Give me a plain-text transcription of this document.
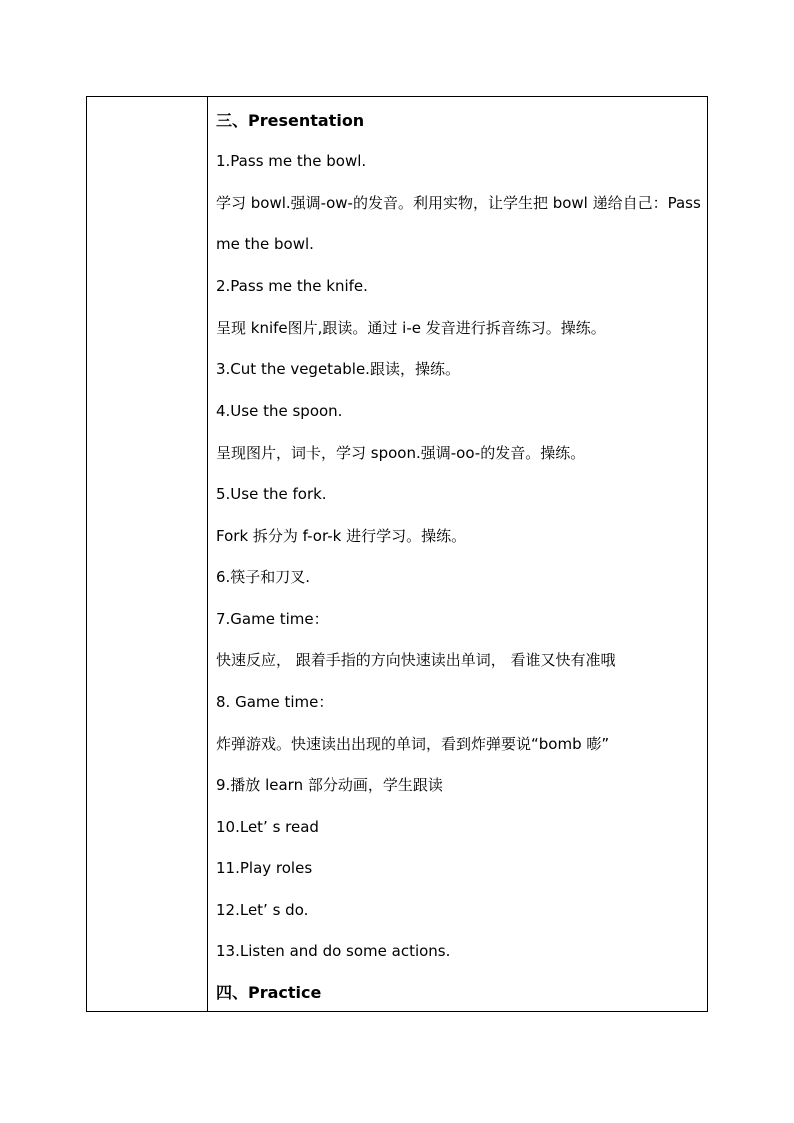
三、Presentation
1.Pass me the bowl.
学习 bowl.强调-ow-的发音。利用实物，让学生把 bowl 递给自己：Pass
me the bowl.
2.Pass me the knife.
呈现 knife图片,跟读。通过 i-e 发音进行拆音练习。操练。
3.Cut the vegetable.跟读，操练。
4.Use the spoon.
呈现图片，词卡，学习 spoon.强调-oo-的发音。操练。
5.Use the fork.
Fork 拆分为 f-or-k 进行学习。操练。
6.筷子和刀叉.
7.Game time：
快速反应， 跟着手指的方向快速读出单词， 看谁又快有准哦
8. Game time：
炸弹游戏。快速读出出现的单词，看到炸弹要说“bomb 嘭”
9.播放 learn 部分动画，学生跟读
10.Let’ s read
11.Play roles
12.Let’ s do.
13.Listen and do some actions.
四、Practice
